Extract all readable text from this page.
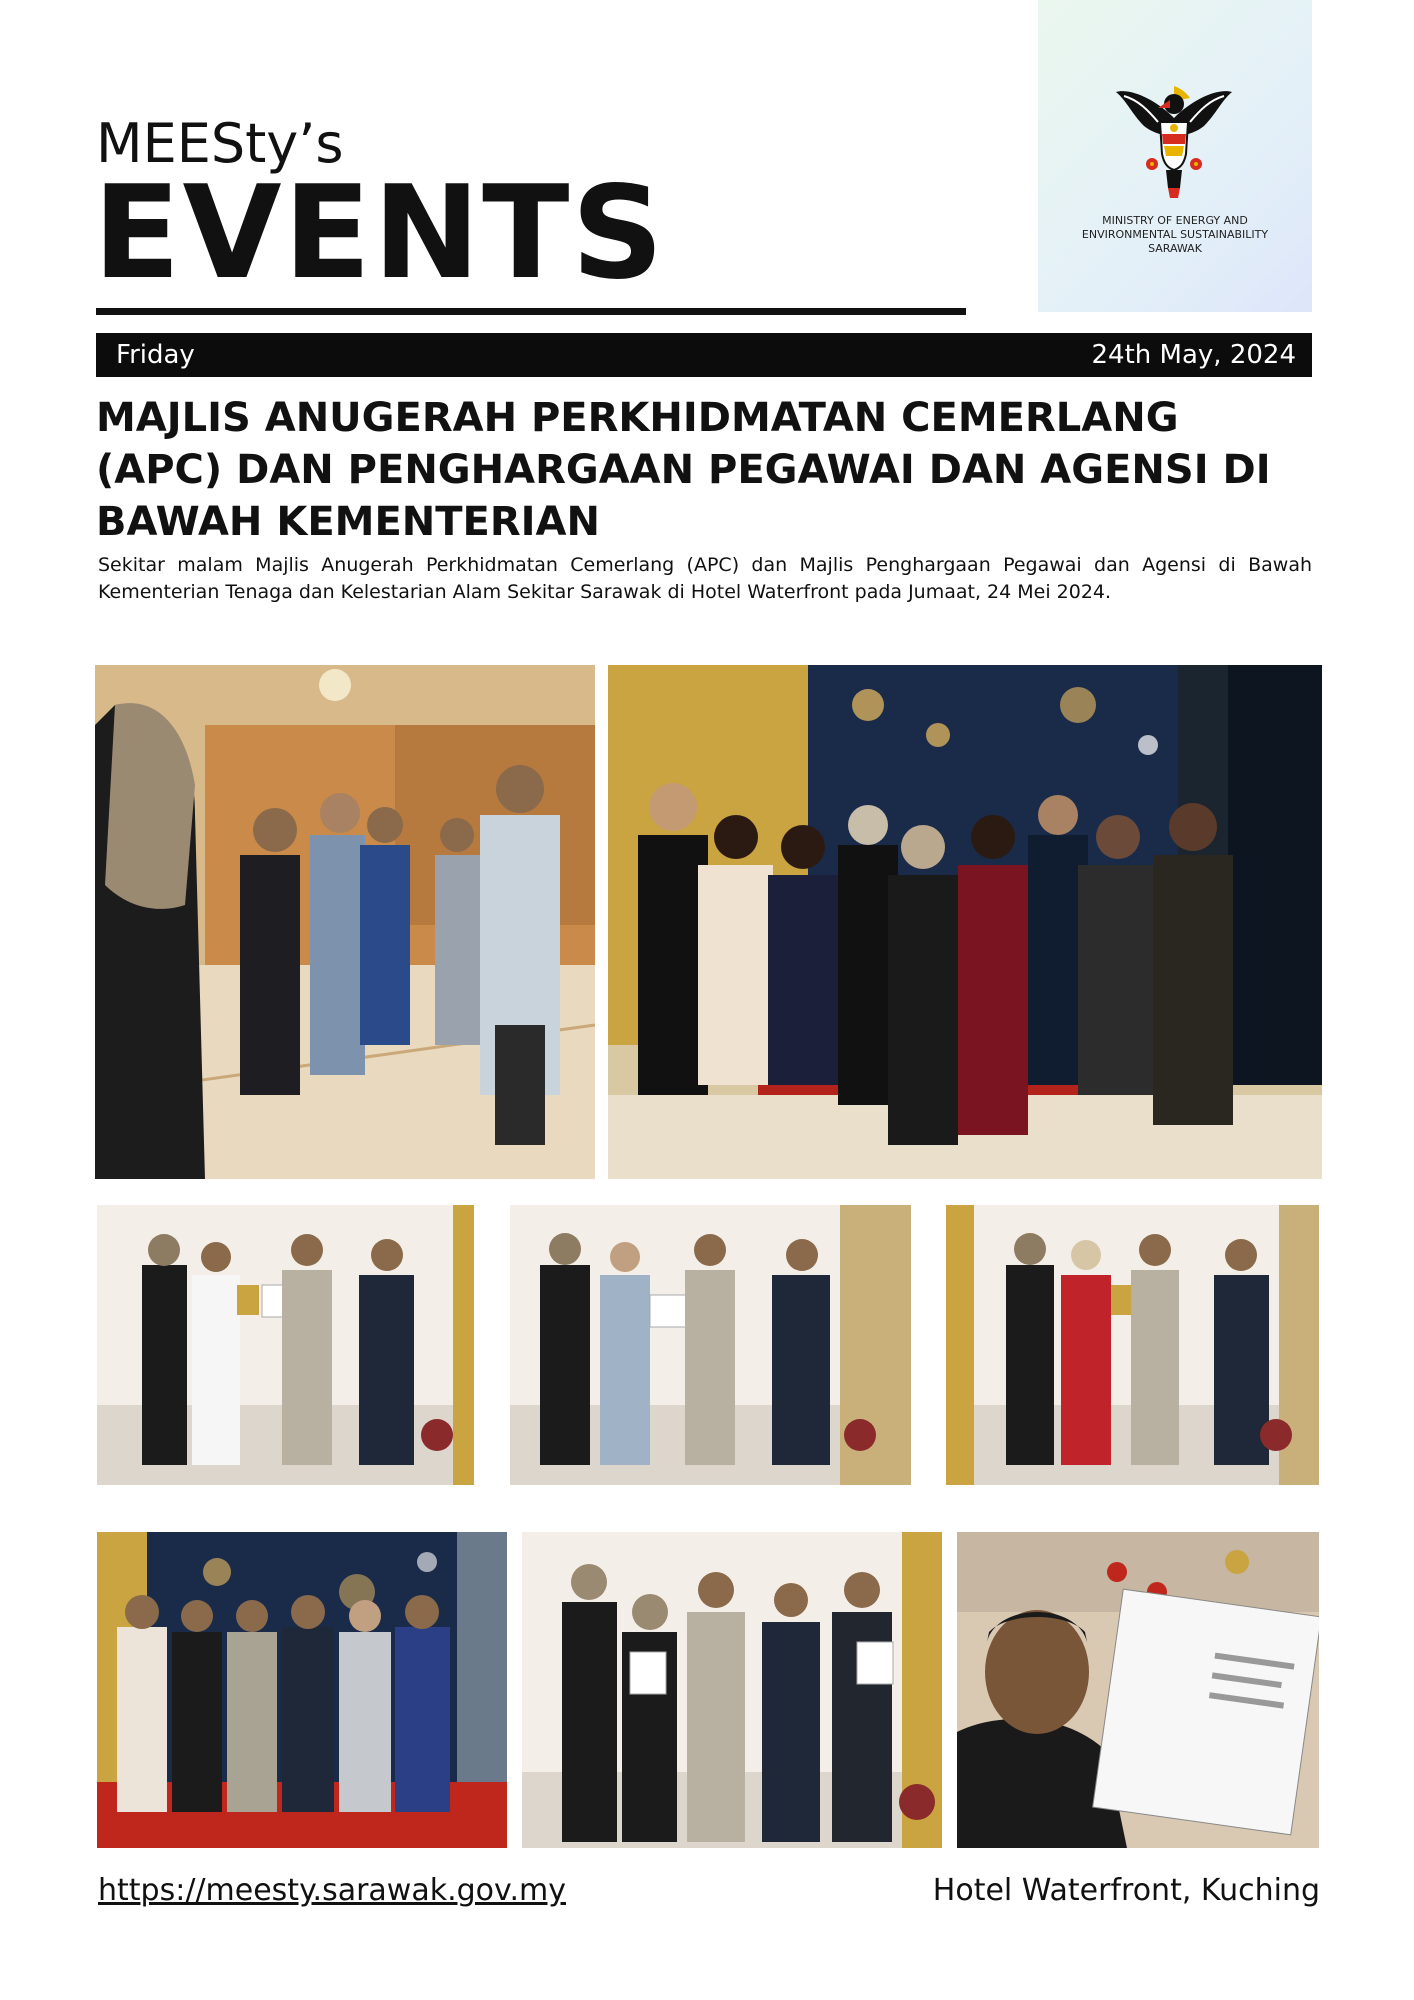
MEESty’s
EVENTS	MINISTRY OF ENERGY AND
ENVIRONMENTAL SUSTAINABILITY
SARAWAK
Friday	24th May, 2024
MAJLIS ANUGERAH PERKHIDMATAN CEMERLANG (APC) DAN PENGHARGAAN PEGAWAI DAN AGENSI DI BAWAH KEMENTERIAN
Sekitar malam Majlis Anugerah Perkhidmatan Cemerlang (APC) dan Majlis Penghargaan Pegawai dan Agensi di Bawah Kementerian Tenaga dan Kelestarian Alam Sekitar Sarawak di Hotel Waterfront pada Jumaat, 24 Mei 2024.
https://meesty.sarawak.gov.my	Hotel Waterfront, Kuching
